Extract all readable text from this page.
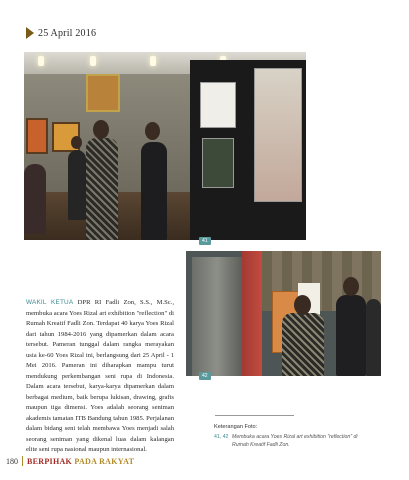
25 April 2016
41
42
WAKIL KETUA DPR RI Fadli Zon, S.S., M.Sc., membuka acara Yoes Rizal art exhibition "reflection" di Rumah Kreatif Fadli Zon. Terdapat 40 karya Yoes Rizal dari tahun 1984-2016 yang dipamerkan dalam acara tersebut. Pameran tunggal dalam rangka merayakan usia ke-60 Yoes Rizal ini, berlangsung dari 25 April - 1 Mei 2016. Pameran ini diharapkan mampu turut mendukung perkembangan seni rupa di Indonesia. Dalam acara tersebut, karya-karya dipamerkan dalam berbagai medium, baik berupa lukisan, drawing, grafis maupun tiga dimensi. Yoes adalah seorang seniman akademis tamatan ITB Bandung tahun 1985. Perjalanan dalam bidang seni telah membawa Yoes menjadi salah seorang seniman yang dikenal luas dalam kalangan elite seni rupa nasional maupun internasional.
Keterangan Foto:
41, 42 Membuka acara Yoes Rizal art exhibition "reflection" di Rumah Kreatif Fadli Zon.
180 BERPIHAK PADA RAKYAT
